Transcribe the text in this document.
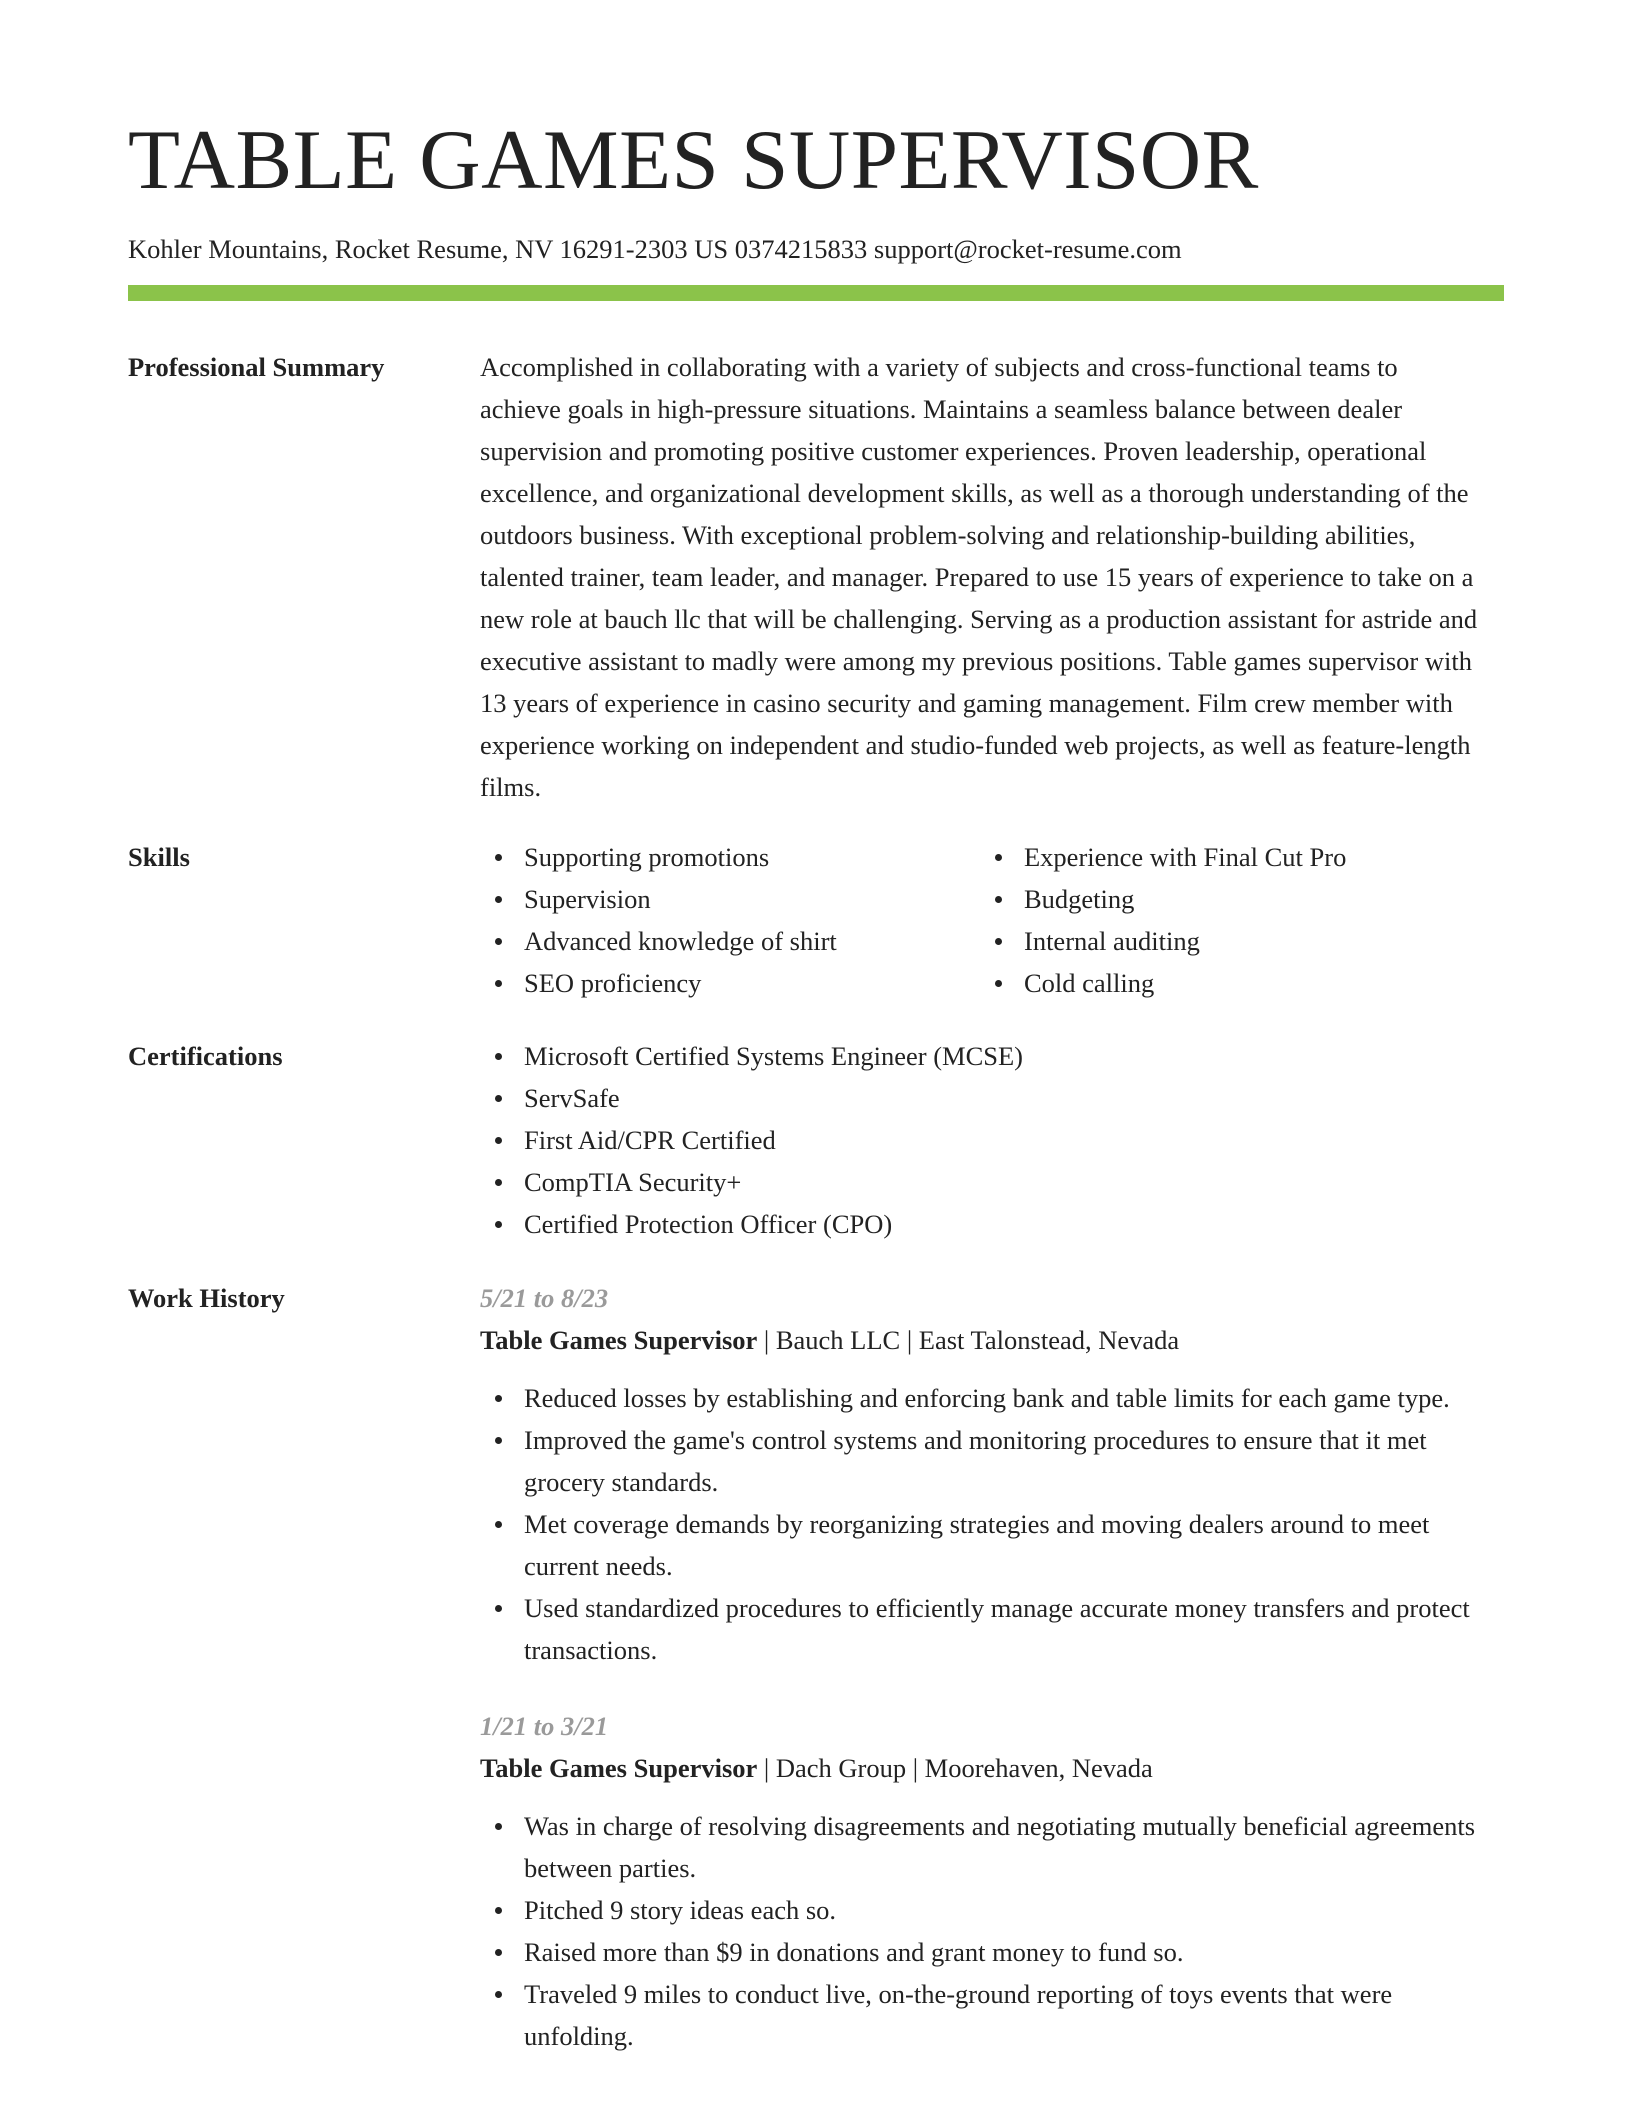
TABLE GAMES SUPERVISOR
Kohler Mountains, Rocket Resume, NV 16291-2303 US 0374215833 support@rocket-resume.com
Professional Summary	Accomplished in collaborating with a variety of subjects and cross-functional teams to achieve goals in high-pressure situations. Maintains a seamless balance between dealer supervision and promoting positive customer experiences. Proven leadership, operational excellence, and organizational development skills, as well as a thorough understanding of the outdoors business. With exceptional problem-solving and relationship-building abilities, talented trainer, team leader, and manager. Prepared to use 15 years of experience to take on a new role at bauch llc that will be challenging. Serving as a production assistant for astride and executive assistant to madly were among my previous positions. Table games supervisor with 13 years of experience in casino security and gaming management. Film crew member with experience working on independent and studio-funded web projects, as well as feature-length films.

Skills	Supporting promotions
Supervision
Advanced knowledge of shirt
SEO proficiency
Experience with Final Cut Pro
Budgeting
Internal auditing
Cold calling
Certifications	Microsoft Certified Systems Engineer (MCSE)
ServSafe
First Aid/CPR Certified
CompTIA Security+
Certified Protection Officer (CPO)
Work History	5/21 to 8/23
Table Games Supervisor | Bauch LLC | East Talonstead, Nevada
Reduced losses by establishing and enforcing bank and table limits for each game type.
Improved the game's control systems and monitoring procedures to ensure that it met grocery standards.
Met coverage demands by reorganizing strategies and moving dealers around to meet current needs.
Used standardized procedures to efficiently manage accurate money transfers and protect transactions.
1/21 to 3/21
Table Games Supervisor | Dach Group | Moorehaven, Nevada
Was in charge of resolving disagreements and negotiating mutually beneficial agreements between parties.
Pitched 9 story ideas each so.
Raised more than $9 in donations and grant money to fund so.
Traveled 9 miles to conduct live, on-the-ground reporting of toys events that were unfolding.
